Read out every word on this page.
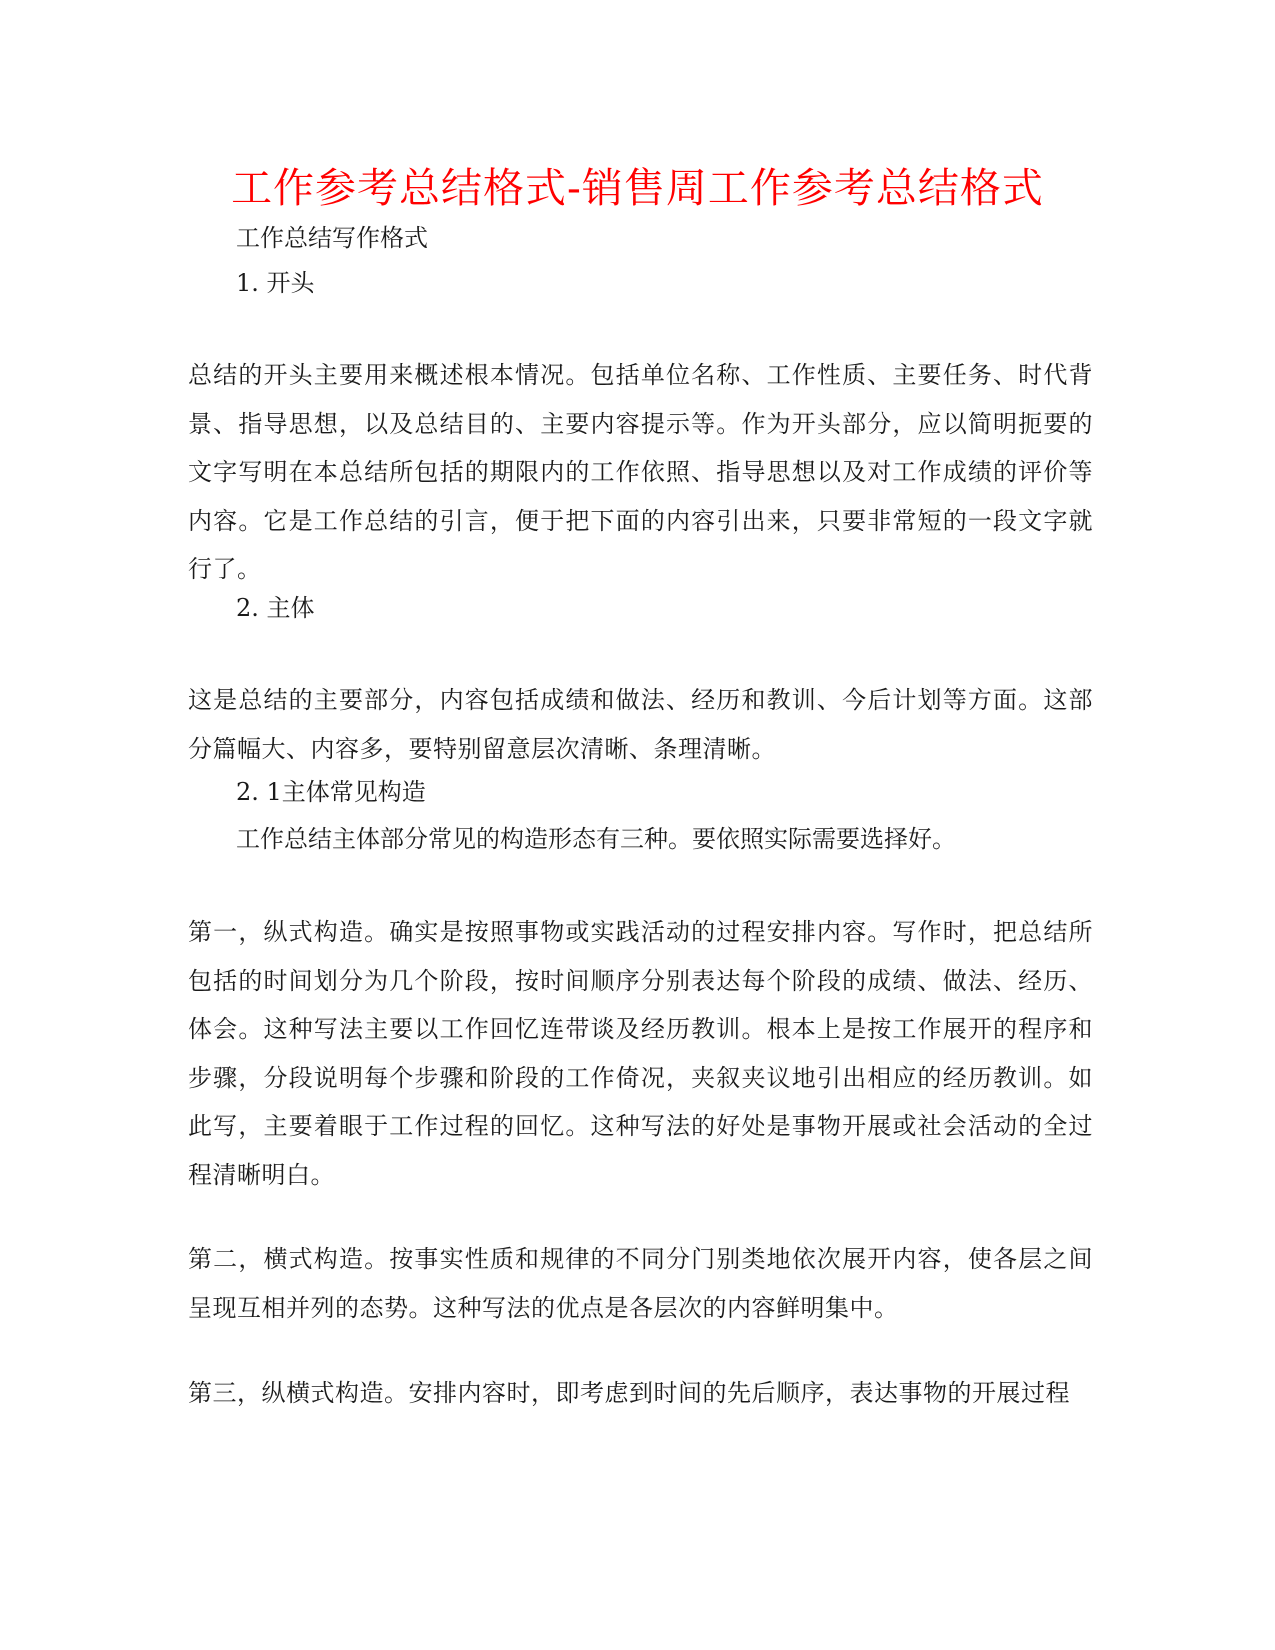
工作参考总结格式-销售周工作参考总结格式

工作总结写作格式

1. 开头

总结的开头主要用来概述根本情况。包括单位名称、工作性质、主要任务、时代背景、指导思想，以及总结目的、主要内容提示等。作为开头部分，应以简明扼要的文字写明在本总结所包括的期限内的工作依照、指导思想以及对工作成绩的评价等内容。它是工作总结的引言，便于把下面的内容引出来，只要非常短的一段文字就行了。

2. 主体

这是总结的主要部分，内容包括成绩和做法、经历和教训、今后计划等方面。这部分篇幅大、内容多，要特别留意层次清晰、条理清晰。

2. 1主体常见构造

工作总结主体部分常见的构造形态有三种。要依照实际需要选择好。

第一，纵式构造。确实是按照事物或实践活动的过程安排内容。写作时，把总结所包括的时间划分为几个阶段，按时间顺序分别表达每个阶段的成绩、做法、经历、体会。这种写法主要以工作回忆连带谈及经历教训。根本上是按工作展开的程序和步骤，分段说明每个步骤和阶段的工作倚况，夹叙夹议地引出相应的经历教训。如此写，主要着眼于工作过程的回忆。这种写法的好处是事物开展或社会活动的全过程清晰明白。

第二，横式构造。按事实性质和规律的不同分门别类地依次展开内容，使各层之间呈现互相并列的态势。这种写法的优点是各层次的内容鲜明集中。

第三，纵横式构造。安排内容时，即考虑到时间的先后顺序，表达事物的开展过程
